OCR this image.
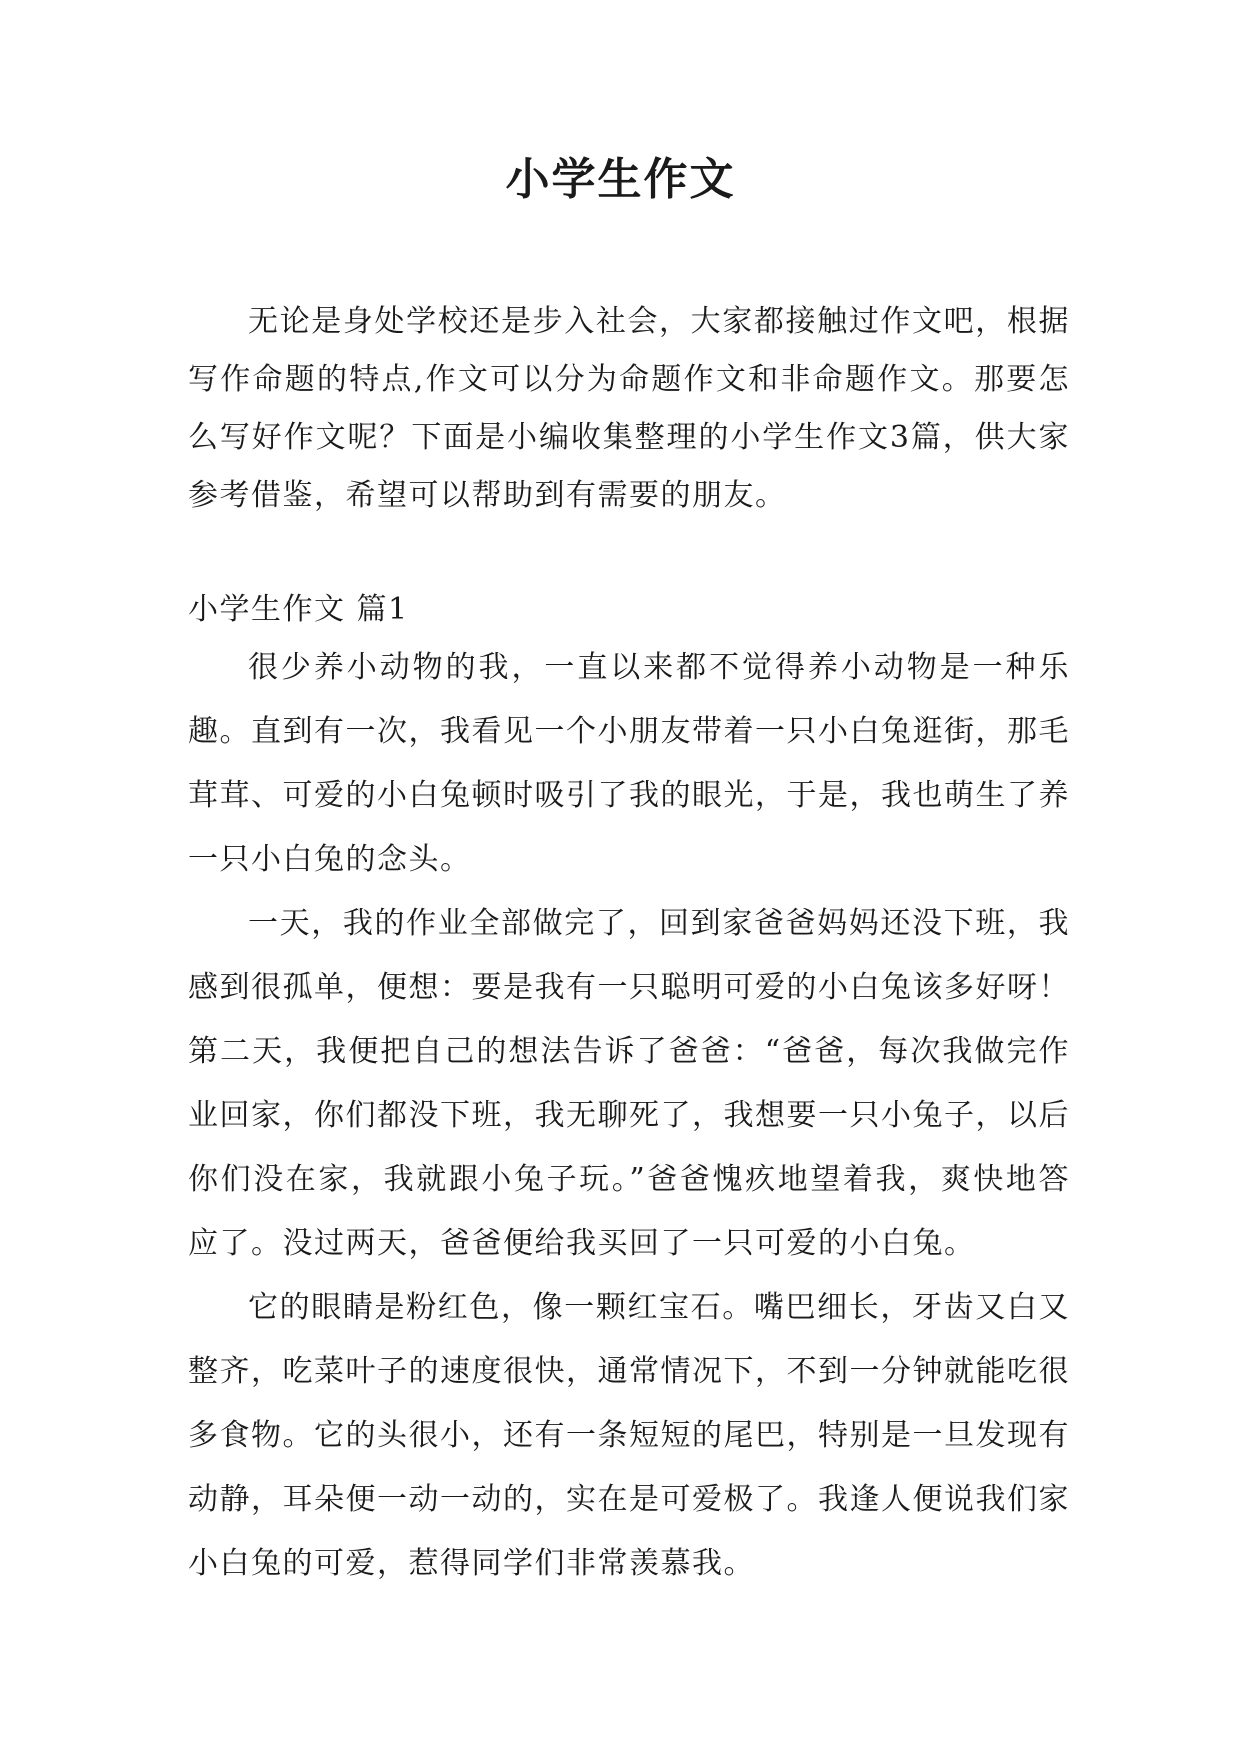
小学生作文

无论是身处学校还是步入社会，大家都接触过作文吧，根据写作命题的特点,作文可以分为命题作文和非命题作文。那要怎么写好作文呢？下面是小编收集整理的小学生作文3篇，供大家参考借鉴，希望可以帮助到有需要的朋友。

小学生作文 篇1

很少养小动物的我，一直以来都不觉得养小动物是一种乐趣。直到有一次，我看见一个小朋友带着一只小白兔逛街，那毛茸茸、可爱的小白兔顿时吸引了我的眼光，于是，我也萌生了养一只小白兔的念头。

一天，我的作业全部做完了，回到家爸爸妈妈还没下班，我感到很孤单，便想：要是我有一只聪明可爱的小白兔该多好呀！第二天，我便把自己的想法告诉了爸爸：“爸爸，每次我做完作业回家，你们都没下班，我无聊死了，我想要一只小兔子，以后你们没在家，我就跟小兔子玩。”爸爸愧疚地望着我，爽快地答应了。没过两天，爸爸便给我买回了一只可爱的小白兔。

它的眼睛是粉红色，像一颗红宝石。嘴巴细长，牙齿又白又整齐，吃菜叶子的速度很快，通常情况下，不到一分钟就能吃很多食物。它的头很小，还有一条短短的尾巴，特别是一旦发现有动静，耳朵便一动一动的，实在是可爱极了。我逢人便说我们家小白兔的可爱，惹得同学们非常羡慕我。
